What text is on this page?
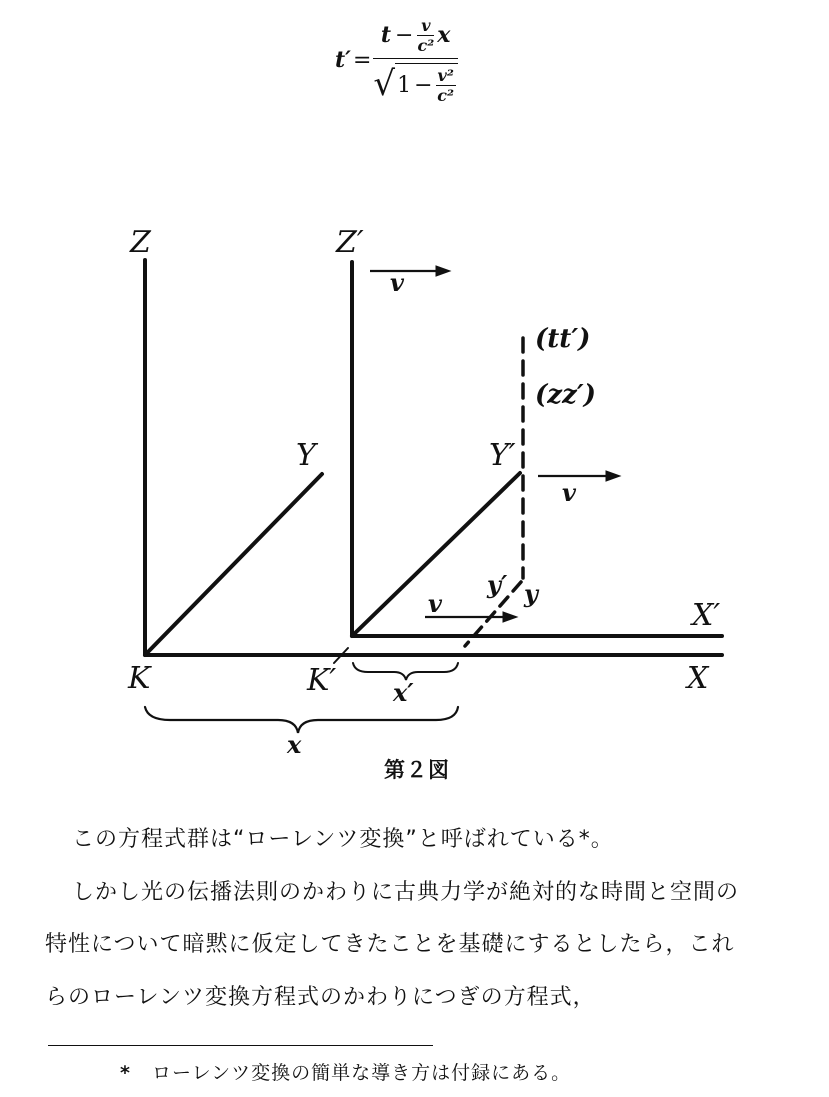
t′ =
$t - \frac{v}{\text{c²}}$ x
√ $1 - \frac{\text{v²}}{\text{c²}}$
Z	Z′
v
(tt′)
(zz′)
Y	Y′
v
y′ y
v	X′
X
K	K′ x′
x
第２図
この方程式群は“ローレンツ変換”と呼ばれている*。
しかし光の伝播法則のかわりに古典力学が絶対的な時間と空間の
特性について暗黙に仮定してきたことを基礎にするとしたら，これ
らのローレンツ変換方程式のかわりにつぎの方程式，
* ローレンツ変換の簡単な導き方は付録にある。
